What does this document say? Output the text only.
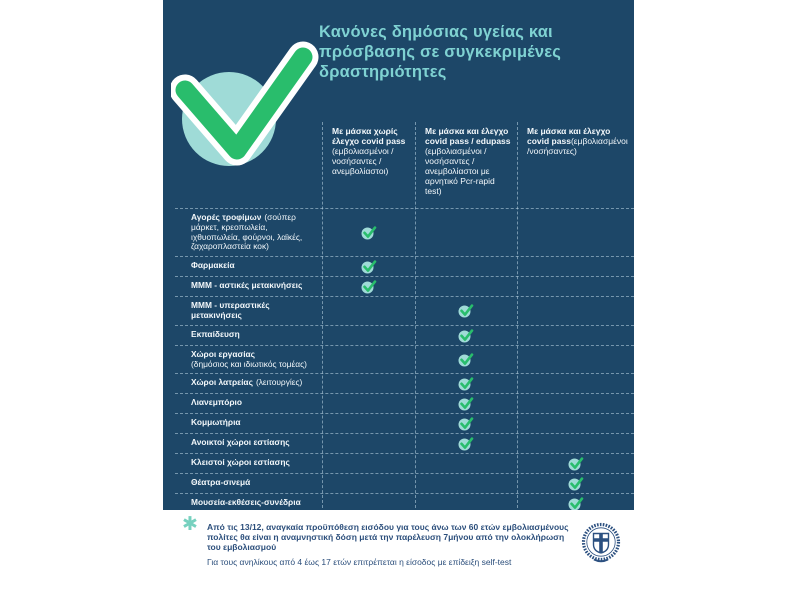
Κανόνες δημόσιας υγείας και πρόσβασης σε συγκεκριμένες δραστηριότητες
Με μάσκα χωρίς έλεγχο covid pass
(εμβολιασμένοι / νοσήσαντες / ανεμβολίαστοι)
Με μάσκα και έλεγχο covid pass / edupass
(εμβολιασμένοι / νοσήσαντες / ανεμβολίαστοι με αρνητικό Pcr-rapid test)
Με μάσκα και έλεγχο covid pass(εμβολιασμένοι /νοσήσαντες)
Αγορές τροφίμων (σούπερ μάρκετ, κρεοπωλεία, ιχθυοπωλεία, φούρνοι, λαϊκές, ζαχαροπλαστεία κοκ)
Φαρμακεία
ΜΜΜ - αστικές μετακινήσεις
ΜΜΜ - υπεραστικές μετακινήσεις
Εκπαίδευση
Χώροι εργασίας
(δημόσιος και ιδιωτικός τομέας)
Χώροι λατρείας (λειτουργίες)
Λιανεμπόριο
Κομμωτήρια
Ανοικτοί χώροι εστίασης
Κλειστοί χώροι εστίασης
Θέατρα-σινεμά
Μουσεία-εκθέσεις-συνέδρια
✱ Από τις 13/12, αναγκαία προϋπόθεση εισόδου για τους άνω των 60 ετών εμβολιασμένους πολίτες θα είναι η αναμνηστική δόση μετά την παρέλευση 7μήνου από την ολοκλήρωση του εμβολιασμού
Για τους ανηλίκους από 4 έως 17 ετών επιτρέπεται η είσοδος με επίδειξη self-test
